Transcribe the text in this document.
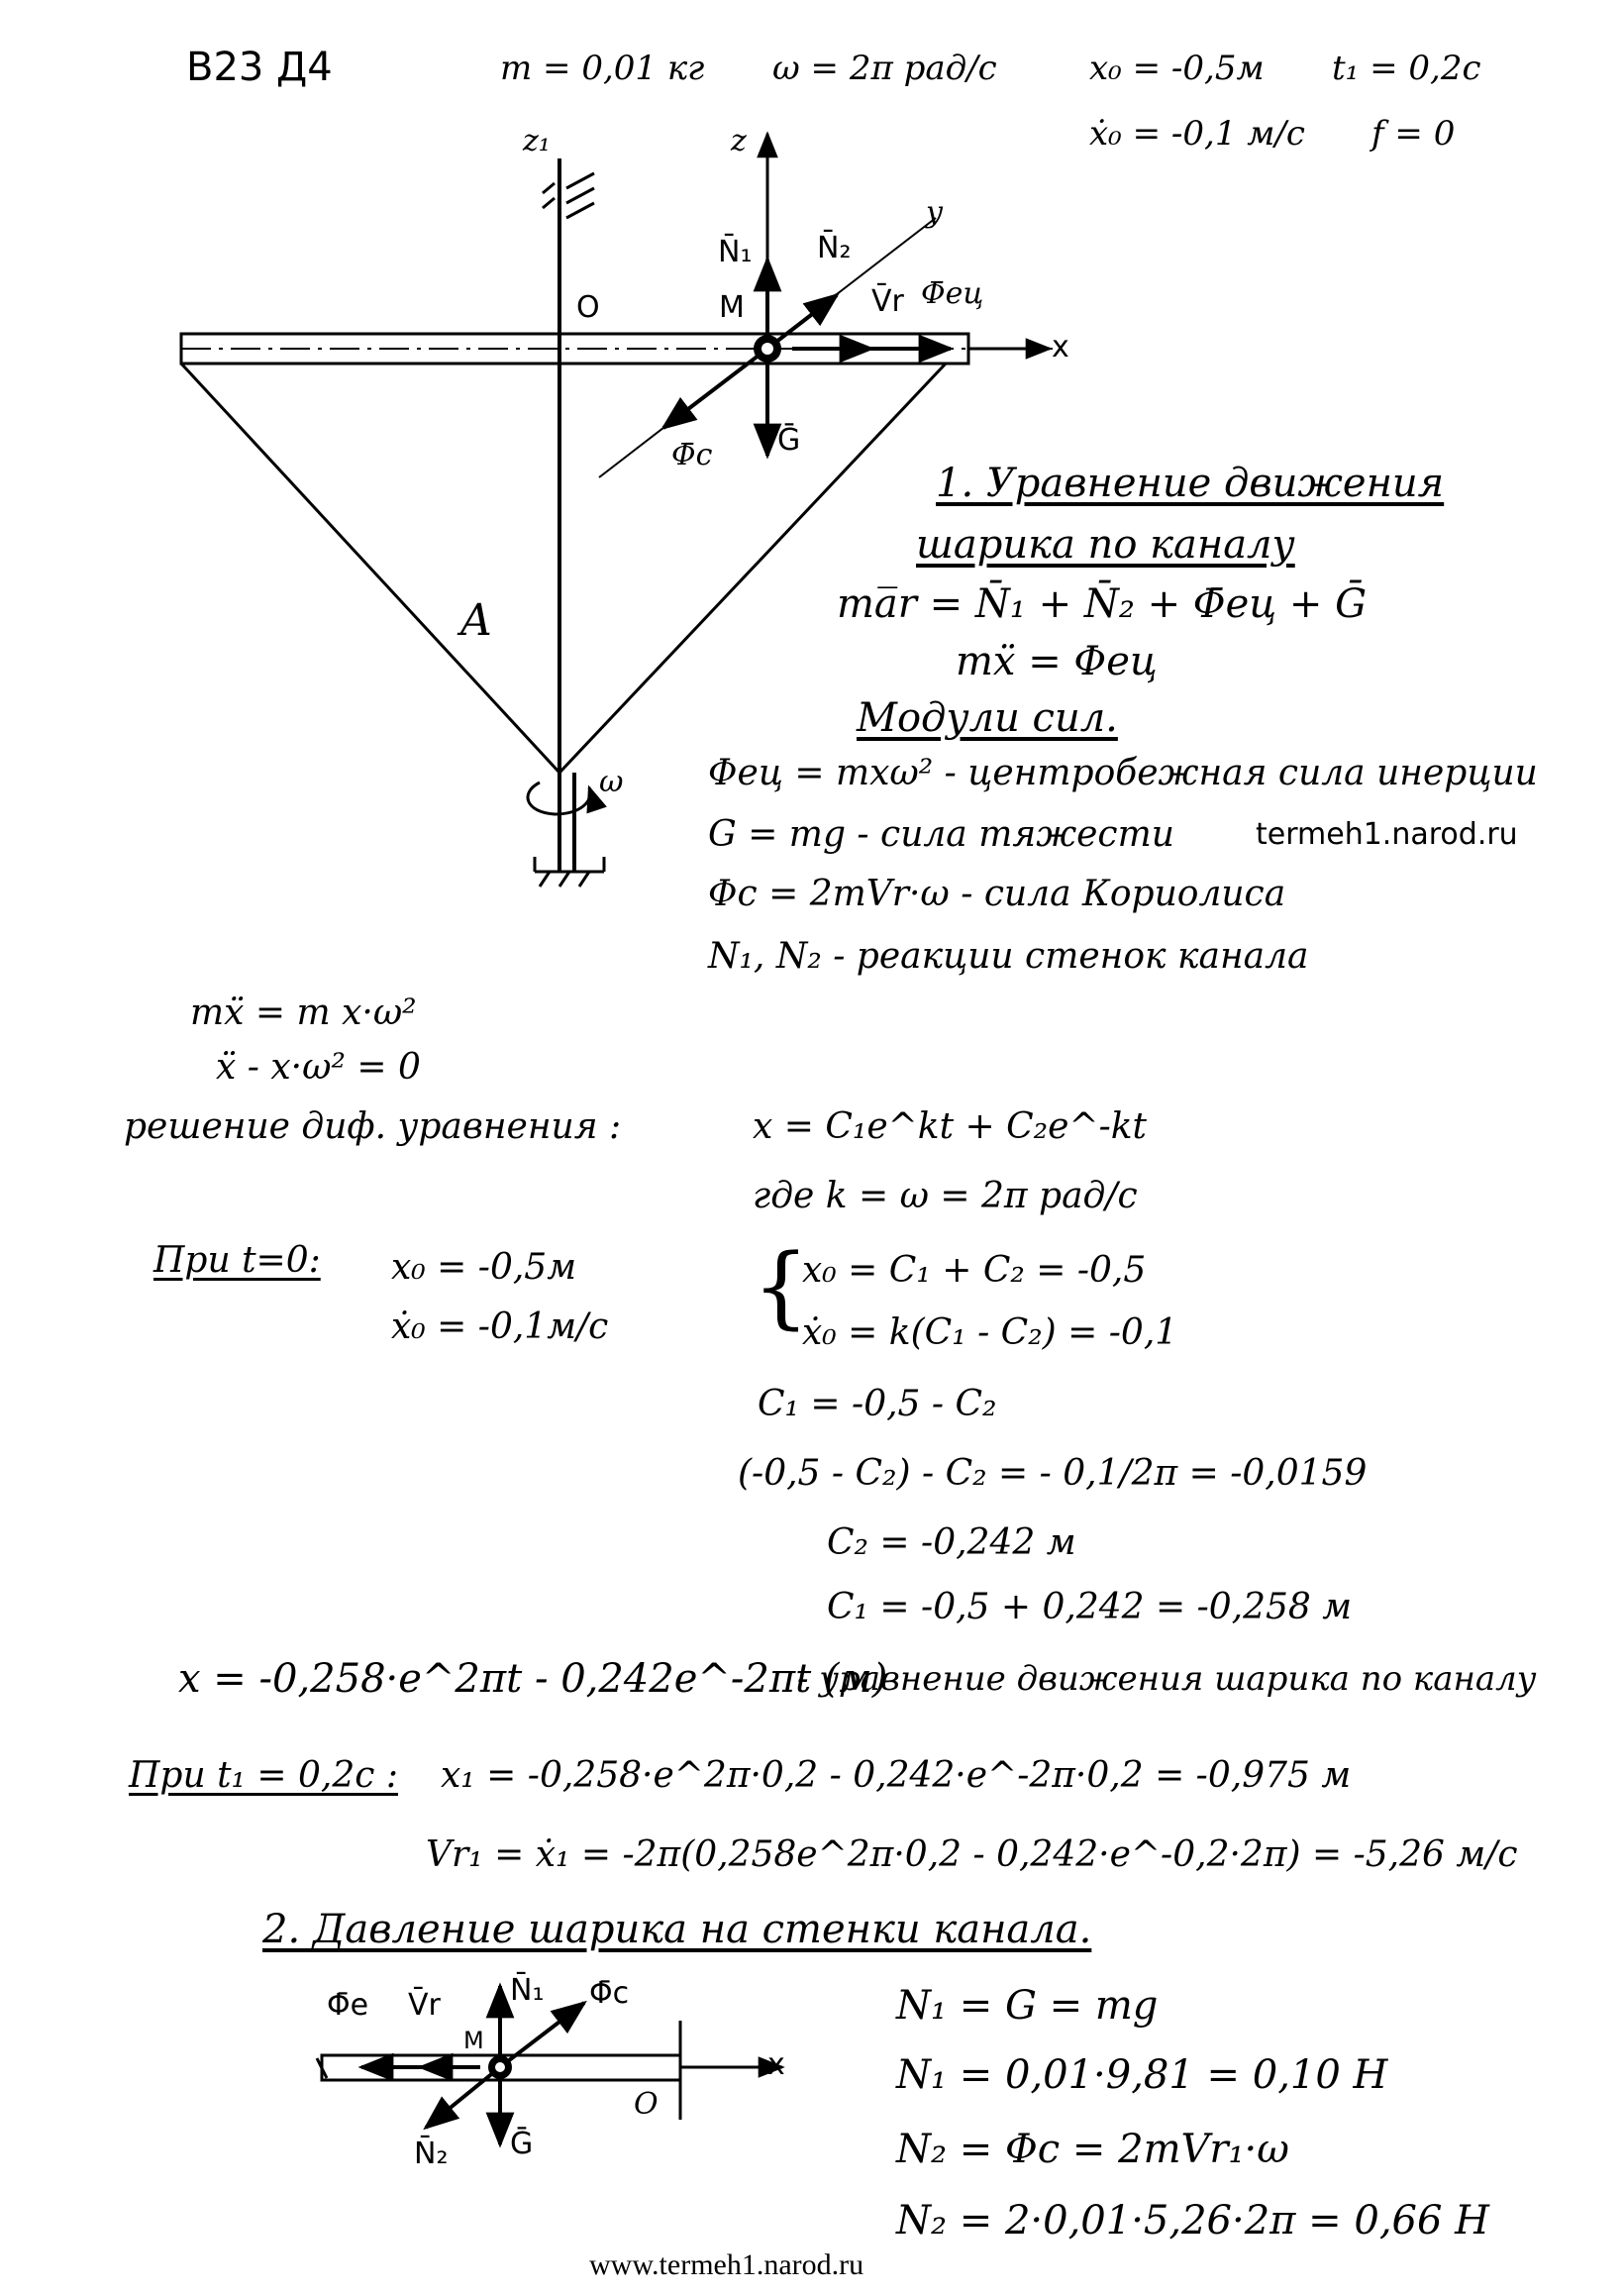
В23 Д4	m = 0,01 кг ω = 2π рад/с	x₀ = -0,5м t₁ = 0,2с
ẋ₀ = -0,1 м/с f = 0
z₁	z
y
x
O	M
N̄₁ N̄₂
V̄r Φ̄eц
Φ̄c Ḡ
A
ω
1. Уравнение движения
шарика по каналу
ma̅r = N̄₁ + N̄₂ + Φ̄eц + Ḡ
mẍ = Φeц
Модули сил.
Φeц = mxω² - центробежная сила инерции
G = mg - сила тяжести	termeh1.narod.ru
Φc = 2mVr·ω - сила Кориолиса
N₁, N₂ - реакции стенок канала
mẍ = m x·ω²
ẍ - x·ω² = 0
решение диф. уравнения :	x = C₁e^kt + C₂e^-kt
где k = ω = 2π рад/с
При t=0: x₀ = -0,5м
ẋ₀ = -0,1м/с {
x₀ = C₁ + C₂ = -0,5
ẋ₀ = k(C₁ - C₂) = -0,1
C₁ = -0,5 - C₂
(-0,5 - C₂) - C₂ = - 0,1/2π = -0,0159
C₂ = -0,242 м
C₁ = -0,5 + 0,242 = -0,258 м
x = -0,258·e^2πt - 0,242e^-2πt (м)
- уравнение движения шарика по каналу
При t₁ = 0,2с : x₁ = -0,258·e^2π·0,2 - 0,242·e^-2π·0,2 = -0,975 м
Vr₁ = ẋ₁ = -2π(0,258e^2π·0,2 - 0,242·e^-0,2·2π) = -5,26 м/с
2. Давление шарика на стенки канала.
N₁ = G = mg
N₁ = 0,01·9,81 = 0,10 H
N₂ = Φc = 2mVr₁·ω
N₂ = 2·0,01·5,26·2π = 0,66 H
Φ̄e V̄r
M
N̄₁ Φ̄c
x
O
N̄₂ Ḡ
www.termeh1.narod.ru
